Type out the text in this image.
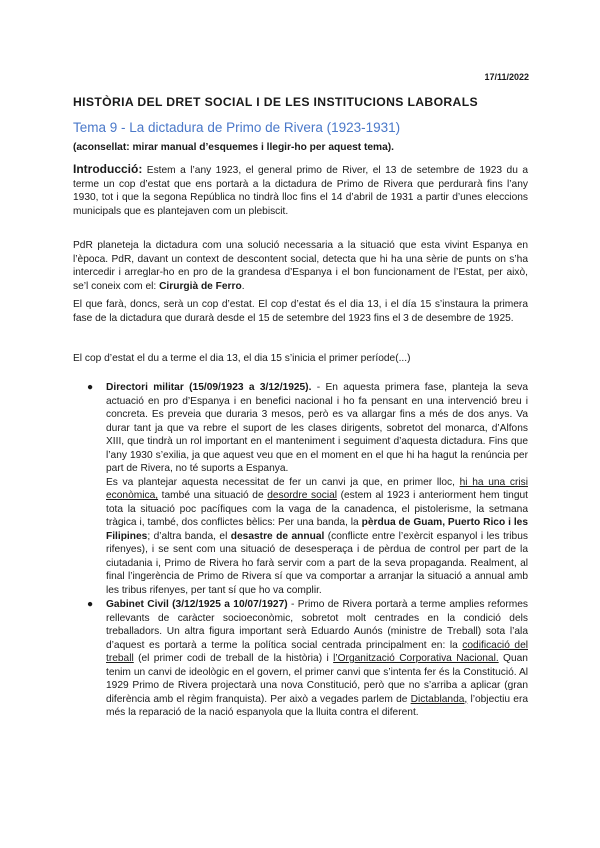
17/11/2022
HISTÒRIA DEL DRET SOCIAL I DE LES INSTITUCIONS LABORALS
Tema 9 - La dictadura de Primo de Rivera (1923-1931)
(aconsellat: mirar manual d’esquemes i llegir-ho per aquest tema).
Introducció: Estem a l’any 1923, el general primo de River, el 13 de setembre de 1923 du a terme un cop d’estat que ens portarà a la dictadura de Primo de Rivera que perdurarà fins l’any 1930, tot i que la segona República no tindrà lloc fins el 14 d’abril de 1931 a partir d’unes eleccions municipals que es plantejaven com un plebiscit.
PdR planeteja la dictadura com una solució necessaria a la situació que esta vivint Espanya en l’època. PdR, davant un context de descontent social, detecta que hi ha una sèrie de punts on s’ha intercedir i arreglar-ho en pro de la grandesa d’Espanya i el bon funcionament de l’Estat, per això, se’l coneix com el: Cirurgià de Ferro.
El que farà, doncs, serà un cop d’estat. El cop d’estat és el dia 13, i el día 15 s’instaura la primera fase de la dictadura que durarà desde el 15 de setembre del 1923 fins el 3 de desembre de 1925.
El cop d’estat el du a terme el dia 13, el dia 15 s’inicia el primer període(...)
● Directori militar (15/09/1923 a 3/12/1925). - En aquesta primera fase, planteja la seva actuació en pro d’Espanya i en benefici nacional i ho fa pensant en una intervenció breu i concreta. Es preveia que duraria 3 mesos, però es va allargar fins a més de dos anys. Va durar tant ja que va rebre el suport de les clases dirigents, sobretot del monarca, d’Alfons XIII, que tindrà un rol important en el manteniment i seguiment d’aquesta dictadura. Fins que l’any 1930 s’exilia, ja que aquest veu que en el moment en el que hi ha hagut la renúncia per part de Rivera, no té suports a Espanya.
Es va plantejar aquesta necessitat de fer un canvi ja que, en primer lloc, hi ha una crisi econòmica, també una situació de desordre social (estem al 1923 i anteriorment hem tingut tota la situació poc pacífiques com la vaga de la canadenca, el pistolerisme, la setmana tràgica i, també, dos conflictes bèlics: Per una banda, la pèrdua de Guam, Puerto Rico i les Filipines; d’altra banda, el desastre de annual (conflicte entre l’exèrcit espanyol i les tribus rifenyes), i se sent com una situació de desesperaça i de pèrdua de control per part de la ciutadania i, Primo de Rivera ho farà servir com a part de la seva propaganda. Realment, al final l’ingerència de Primo de Rivera sí que va comportar a arranjar la situació a annual amb les tribus rifenyes, per tant sí que ho va complir.
● Gabinet Civil (3/12/1925 a 10/07/1927) - Primo de Rivera portarà a terme amplies reformes rellevants de caràcter socioeconòmic, sobretot molt centrades en la condició dels treballadors. Un altra figura important serà Eduardo Aunós (ministre de Treball) sota l’ala d’aquest es portarà a terme la política social centrada principalment en: la codificació del treball (el primer codi de treball de la història) i l’Organització Corporativa Nacional. Quan tenim un canvi de ideològic en el govern, el primer canvi que s’intenta fer és la Constitució. Al 1929 Primo de Rivera projectarà una nova Constitució, però que no s’arriba a aplicar (gran diferència amb el règim franquista). Per això a vegades parlem de Dictablanda, l’objectiu era més la reparació de la nació espanyola que la lluita contra el diferent.
